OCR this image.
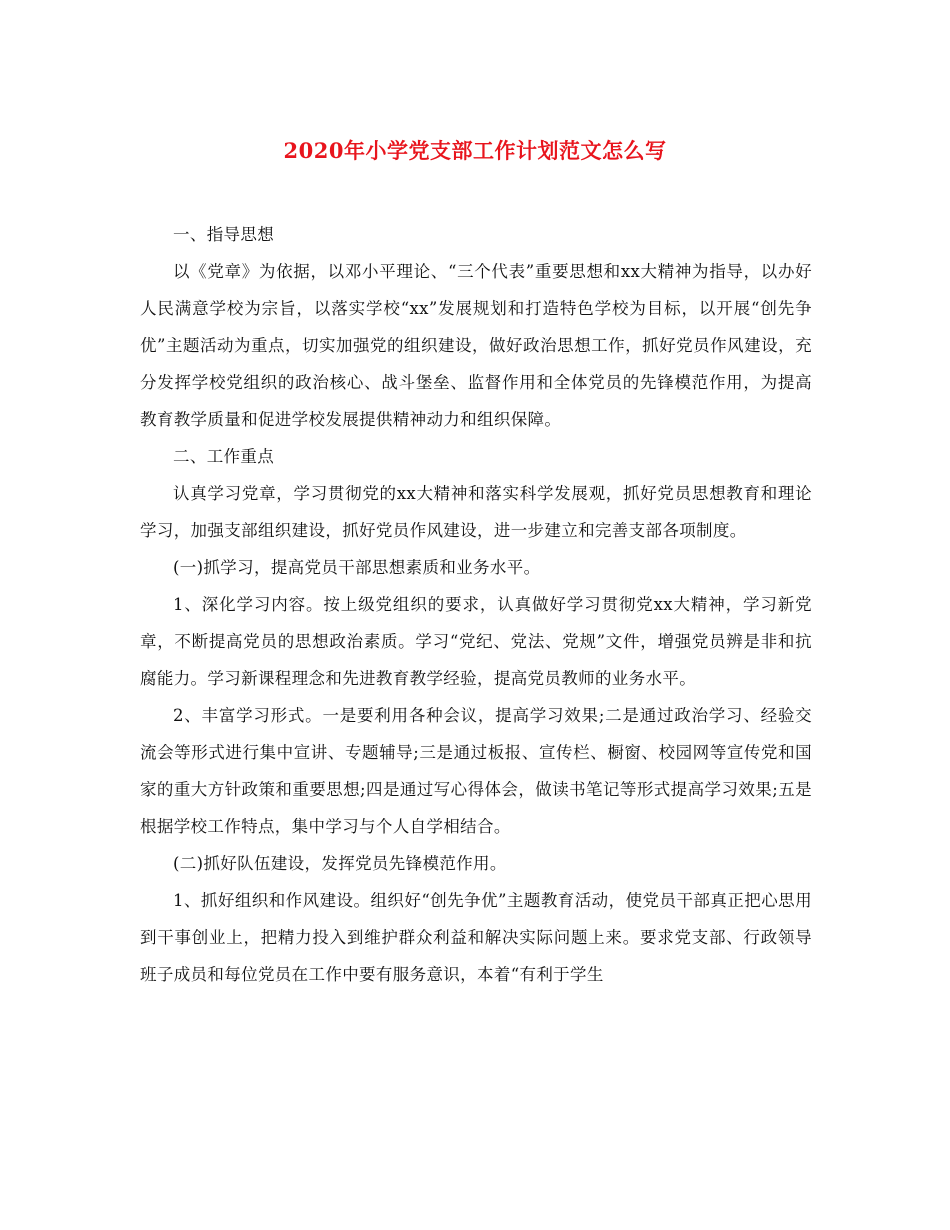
2020年小学党支部工作计划范文怎么写

一、指导思想

以《党章》为依据，以邓小平理论、“三个代表”重要思想和xx大精神为指导，以办好人民满意学校为宗旨，以落实学校“xx”发展规划和打造特色学校为目标，以开展“创先争优”主题活动为重点，切实加强党的组织建设，做好政治思想工作，抓好党员作风建设，充分发挥学校党组织的政治核心、战斗堡垒、监督作用和全体党员的先锋模范作用，为提高教育教学质量和促进学校发展提供精神动力和组织保障。

二、工作重点

认真学习党章，学习贯彻党的xx大精神和落实科学发展观，抓好党员思想教育和理论学习，加强支部组织建设，抓好党员作风建设，进一步建立和完善支部各项制度。

(一)抓学习，提高党员干部思想素质和业务水平。

1、深化学习内容。按上级党组织的要求，认真做好学习贯彻党xx大精神，学习新党章，不断提高党员的思想政治素质。学习“党纪、党法、党规”文件，增强党员辨是非和抗腐能力。学习新课程理念和先进教育教学经验，提高党员教师的业务水平。

2、丰富学习形式。一是要利用各种会议，提高学习效果;二是通过政治学习、经验交流会等形式进行集中宣讲、专题辅导;三是通过板报、宣传栏、橱窗、校园网等宣传党和国家的重大方针政策和重要思想;四是通过写心得体会，做读书笔记等形式提高学习效果;五是根据学校工作特点，集中学习与个人自学相结合。

(二)抓好队伍建设，发挥党员先锋模范作用。

1、抓好组织和作风建设。组织好“创先争优”主题教育活动，使党员干部真正把心思用到干事创业上，把精力投入到维护群众利益和解决实际问题上来。要求党支部、行政领导班子成员和每位党员在工作中要有服务意识，本着“有利于学生
